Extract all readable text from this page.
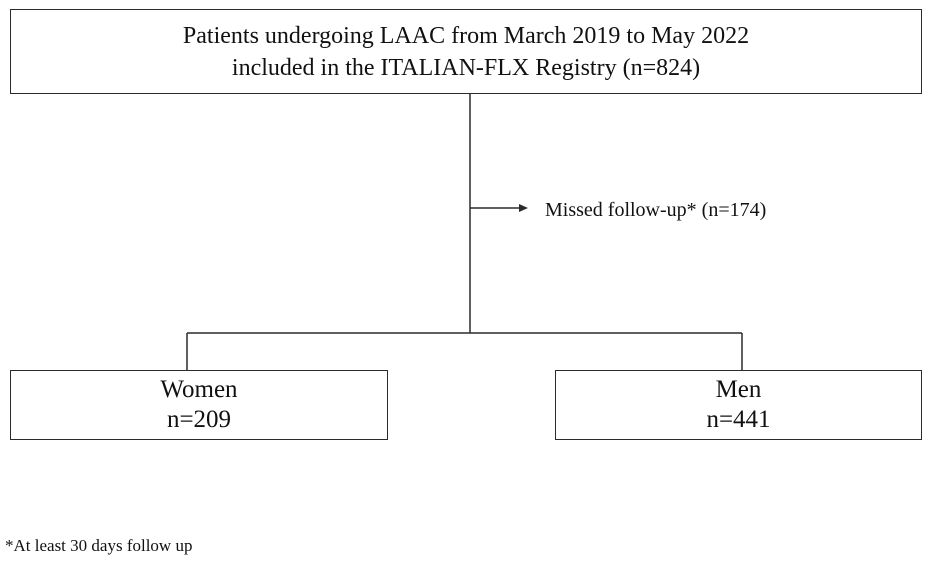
Patients undergoing LAAC from March 2019 to May 2022
included in the ITALIAN-FLX Registry (n=824)
Missed follow-up* (n=174)
Women
n=209
Men
n=441
*At least 30 days follow up
